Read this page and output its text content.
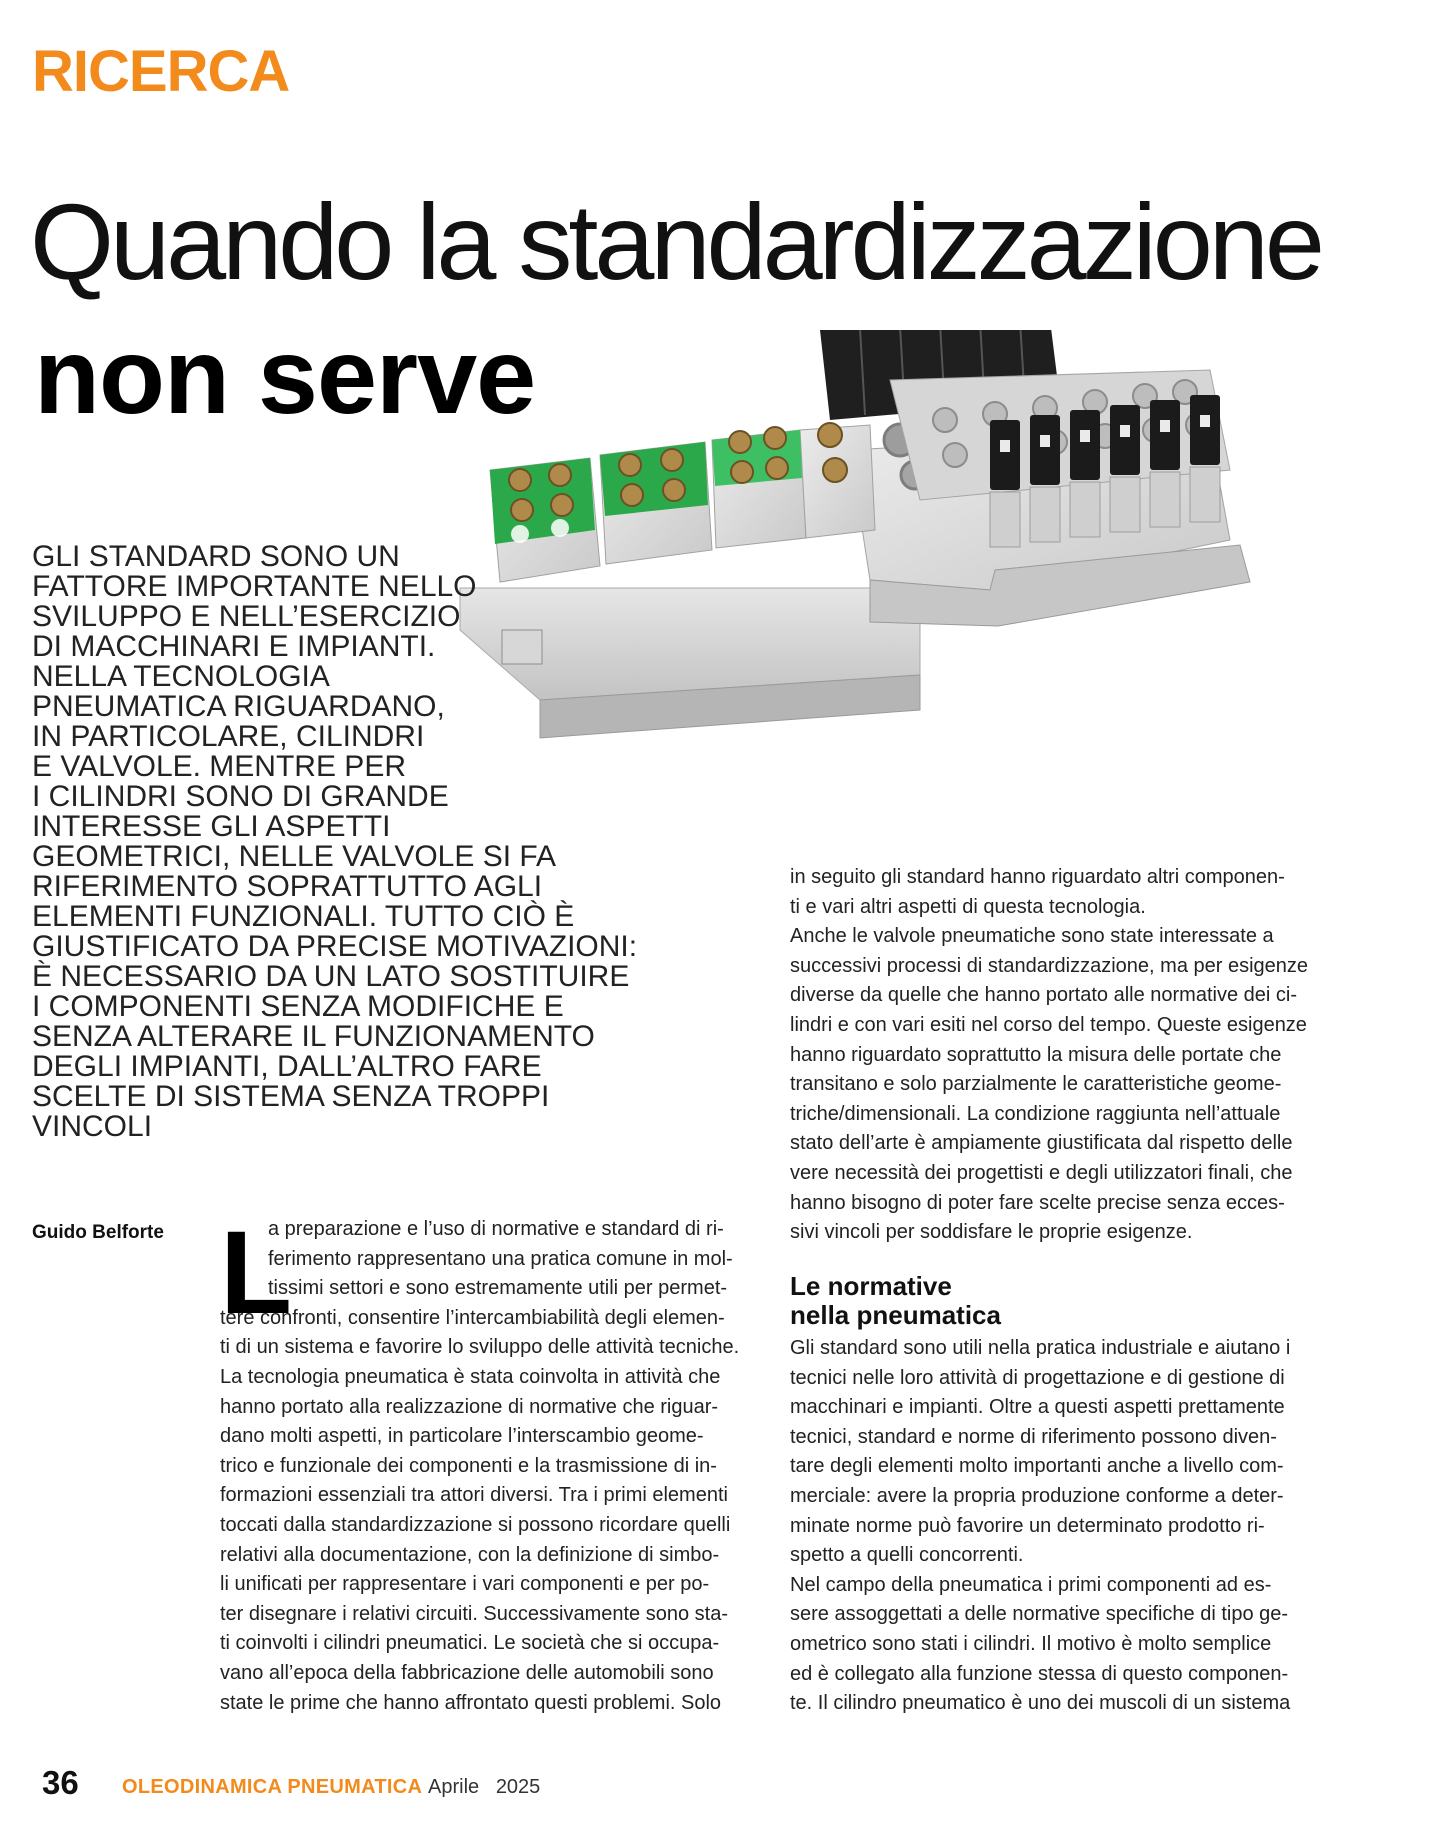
RICERCA
Quando la standardizzazione
non serve
GLI STANDARD SONO UN
FATTORE IMPORTANTE NELLO
SVILUPPO E NELL’ESERCIZIO
DI MACCHINARI E IMPIANTI.
NELLA TECNOLOGIA
PNEUMATICA RIGUARDANO,
IN PARTICOLARE, CILINDRI
E VALVOLE. MENTRE PER
I CILINDRI SONO DI GRANDE
INTERESSE GLI ASPETTI
GEOMETRICI, NELLE VALVOLE SI FA
RIFERIMENTO SOPRATTUTTO AGLI
ELEMENTI FUNZIONALI. TUTTO CIÒ È
GIUSTIFICATO DA PRECISE MOTIVAZIONI:
È NECESSARIO DA UN LATO SOSTITUIRE
I COMPONENTI SENZA MODIFICHE E
SENZA ALTERARE IL FUNZIONAMENTO
DEGLI IMPIANTI, DALL’ALTRO FARE
SCELTE DI SISTEMA SENZA TROPPI
VINCOLI
Guido Belforte L
a preparazione e l’uso di normative e standard di ri-
ferimento rappresentano una pratica comune in mol-
tissimi settori e sono estremamente utili per permet-
tere confronti, consentire l’intercambiabilità degli elemen-
ti di un sistema e favorire lo sviluppo delle attività tecniche.
La tecnologia pneumatica è stata coinvolta in attività che
hanno portato alla realizzazione di normative che riguar-
dano molti aspetti, in particolare l’interscambio geome-
trico e funzionale dei componenti e la trasmissione di in-
formazioni essenziali tra attori diversi. Tra i primi elementi
toccati dalla standardizzazione si possono ricordare quelli
relativi alla documentazione, con la definizione di simbo-
li unificati per rappresentare i vari componenti e per po-
ter disegnare i relativi circuiti. Successivamente sono sta-
ti coinvolti i cilindri pneumatici. Le società che si occupa-
vano all’epoca della fabbricazione delle automobili sono
state le prime che hanno affrontato questi problemi. Solo
in seguito gli standard hanno riguardato altri componen-
ti e vari altri aspetti di questa tecnologia.
Anche le valvole pneumatiche sono state interessate a
successivi processi di standardizzazione, ma per esigenze
diverse da quelle che hanno portato alle normative dei ci-
lindri e con vari esiti nel corso del tempo. Queste esigenze
hanno riguardato soprattutto la misura delle portate che
transitano e solo parzialmente le caratteristiche geome-
triche/dimensionali. La condizione raggiunta nell’attuale
stato dell’arte è ampiamente giustificata dal rispetto delle
vere necessità dei progettisti e degli utilizzatori finali, che
hanno bisogno di poter fare scelte precise senza ecces-
sivi vincoli per soddisfare le proprie esigenze.
Le normative
nella pneumatica
Gli standard sono utili nella pratica industriale e aiutano i
tecnici nelle loro attività di progettazione e di gestione di
macchinari e impianti. Oltre a questi aspetti prettamente
tecnici, standard e norme di riferimento possono diven-
tare degli elementi molto importanti anche a livello com-
merciale: avere la propria produzione conforme a deter-
minate norme può favorire un determinato prodotto ri-
spetto a quelli concorrenti.
Nel campo della pneumatica i primi componenti ad es-
sere assoggettati a delle normative specifiche di tipo ge-
ometrico sono stati i cilindri. Il motivo è molto semplice
ed è collegato alla funzione stessa di questo componen-
te. Il cilindro pneumatico è uno dei muscoli di un sistema
36 OLEODINAMICA PNEUMATICA Aprile 2025
